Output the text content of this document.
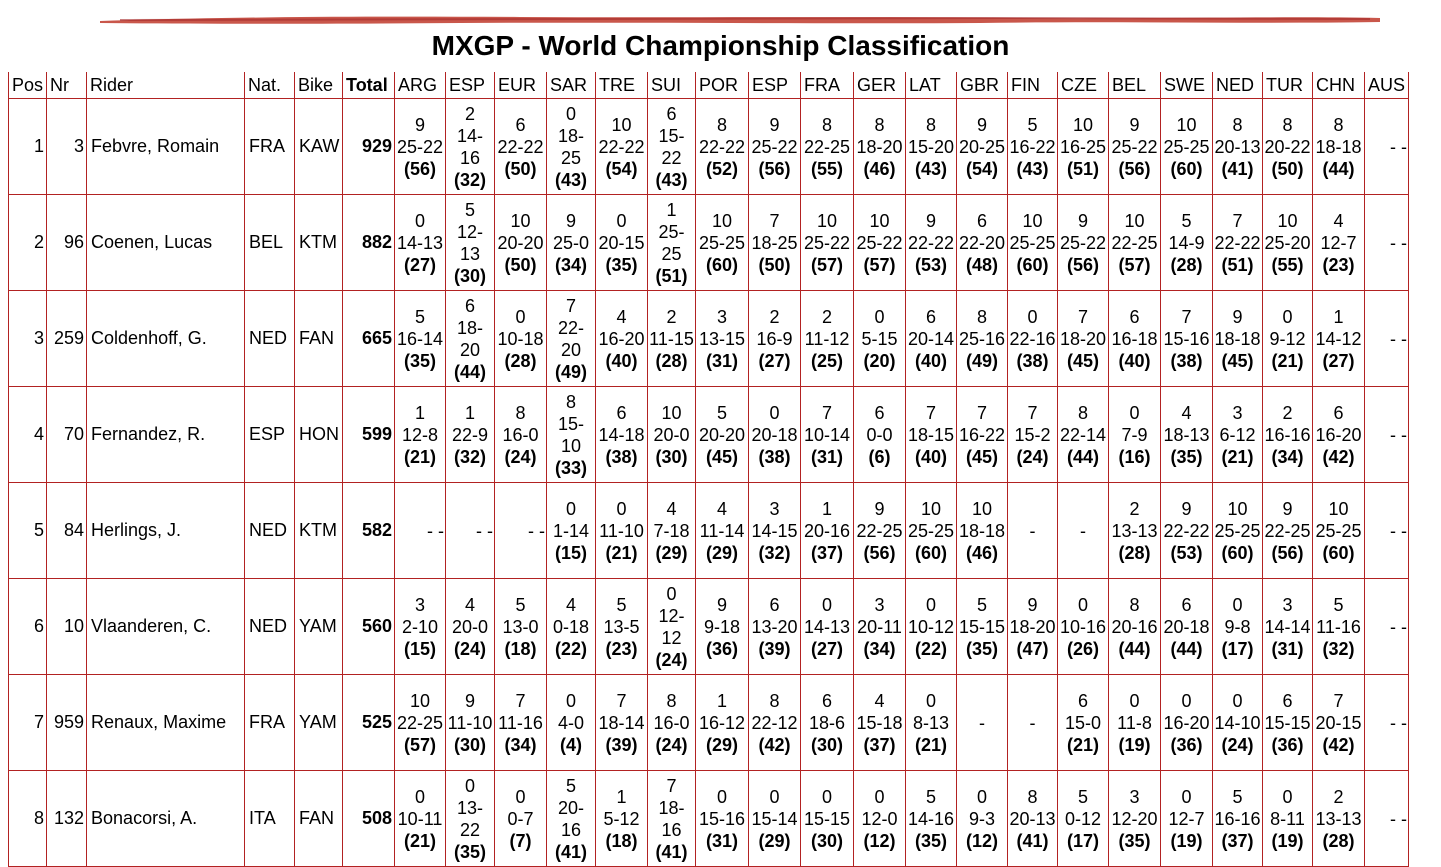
MXGP - World Championship Classification
Pos	Nr	Rider	Nat.	Bike	Total	ARG	ESP	EUR	SAR	TRE	SUI	POR	ESP	FRA	GER	LAT	GBR	FIN	CZE	BEL	SWE	NED	TUR	CHN	AUS
1	3	Febvre, Romain	FRA	KAW	929	9
25-22
(56)	2
14-16
(32)	6
22-22
(50)	0
18-25
(43)	10
22-22
(54)	6
15-22
(43)	8
22-22
(52)	9
25-22
(56)	8
22-25
(55)	8
18-20
(46)	8
15-20
(43)	9
20-25
(54)	5
16-22
(43)	10
16-25
(51)	9
25-22
(56)	10
25-25
(60)	8
20-13
(41)	8
20-22
(50)	8
18-18
(44)	- -
2	96	Coenen, Lucas	BEL	KTM	882	0
14-13
(27)	5
12-13
(30)	10
20-20
(50)	9
25-0
(34)	0
20-15
(35)	1
25-25
(51)	10
25-25
(60)	7
18-25
(50)	10
25-22
(57)	10
25-22
(57)	9
22-22
(53)	6
22-20
(48)	10
25-25
(60)	9
25-22
(56)	10
22-25
(57)	5
14-9
(28)	7
22-22
(51)	10
25-20
(55)	4
12-7
(23)	- -
3	259	Coldenhoff, G.	NED	FAN	665	5
16-14
(35)	6
18-20
(44)	0
10-18
(28)	7
22-20
(49)	4
16-20
(40)	2
11-15
(28)	3
13-15
(31)	2
16-9
(27)	2
11-12
(25)	0
5-15
(20)	6
20-14
(40)	8
25-16
(49)	0
22-16
(38)	7
18-20
(45)	6
16-18
(40)	7
15-16
(38)	9
18-18
(45)	0
9-12
(21)	1
14-12
(27)	- -
4	70	Fernandez, R.	ESP	HON	599	1
12-8
(21)	1
22-9
(32)	8
16-0
(24)	8
15-10
(33)	6
14-18
(38)	10
20-0
(30)	5
20-20
(45)	0
20-18
(38)	7
10-14
(31)	6
0-0
(6)	7
18-15
(40)	7
16-22
(45)	7
15-2
(24)	8
22-14
(44)	0
7-9
(16)	4
18-13
(35)	3
6-12
(21)	2
16-16
(34)	6
16-20
(42)	- -
5	84	Herlings, J.	NED	KTM	582	- -	- -	- -	0
1-14
(15)	0
11-10
(21)	4
7-18
(29)	4
11-14
(29)	3
14-15
(32)	1
20-16
(37)	9
22-25
(56)	10
25-25
(60)	10
18-18
(46)	-	-	2
13-13
(28)	9
22-22
(53)	10
25-25
(60)	9
22-25
(56)	10
25-25
(60)	- -
6	10	Vlaanderen, C.	NED	YAM	560	3
2-10
(15)	4
20-0
(24)	5
13-0
(18)	4
0-18
(22)	5
13-5
(23)	0
12-12
(24)	9
9-18
(36)	6
13-20
(39)	0
14-13
(27)	3
20-11
(34)	0
10-12
(22)	5
15-15
(35)	9
18-20
(47)	0
10-16
(26)	8
20-16
(44)	6
20-18
(44)	0
9-8
(17)	3
14-14
(31)	5
11-16
(32)	- -
7	959	Renaux, Maxime	FRA	YAM	525	10
22-25
(57)	9
11-10
(30)	7
11-16
(34)	0
4-0
(4)	7
18-14
(39)	8
16-0
(24)	1
16-12
(29)	8
22-12
(42)	6
18-6
(30)	4
15-18
(37)	0
8-13
(21)	-	-	6
15-0
(21)	0
11-8
(19)	0
16-20
(36)	0
14-10
(24)	6
15-15
(36)	7
20-15
(42)	- -
8	132	Bonacorsi, A.	ITA	FAN	508	0
10-11
(21)	0
13-22
(35)	0
0-7
(7)	5
20-16
(41)	1
5-12
(18)	7
18-16
(41)	0
15-16
(31)	0
15-14
(29)	0
15-15
(30)	0
12-0
(12)	5
14-16
(35)	0
9-3
(12)	8
20-13
(41)	5
0-12
(17)	3
12-20
(35)	0
12-7
(19)	5
16-16
(37)	0
8-11
(19)	2
13-13
(28)	- -
